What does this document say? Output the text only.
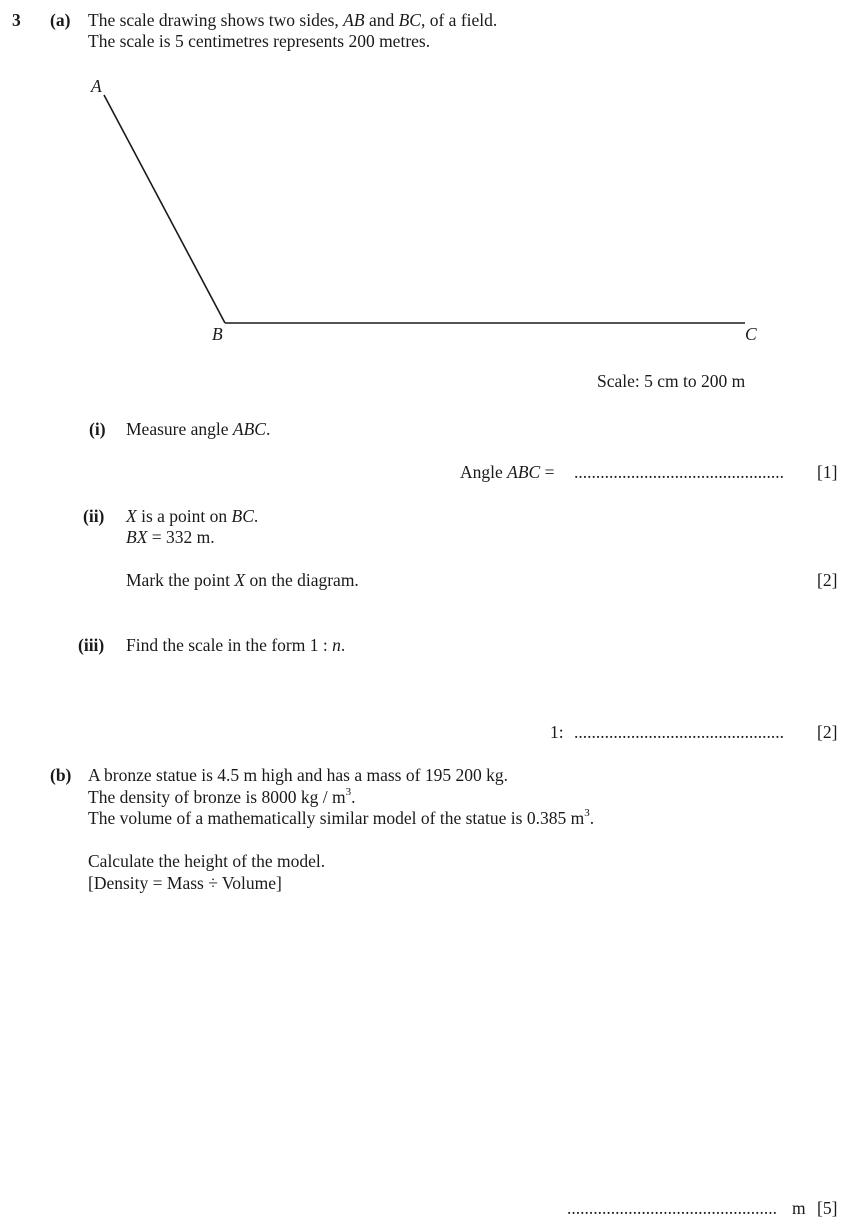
3 (a) The scale drawing shows two sides, AB and BC, of a field.
The scale is 5 centimetres represents 200 metres.
A
B	C
Scale: 5 cm to 200 m
(i) Measure angle ABC.
Angle ABC = ................................................ [1]
(ii) X is a point on BC.
BX = 332 m.
Mark the point X on the diagram.	[2]
(iii) Find the scale in the form 1 : n.
1: ................................................ [2]
(b) A bronze statue is 4.5 m high and has a mass of 195 200 kg.
The density of bronze is 8000 kg / $m^3$.
The volume of a mathematically similar model of the statue is 0.385 $m^3$.
Calculate the height of the model.
[Density = Mass ÷ Volume]
................................................ m [5]
